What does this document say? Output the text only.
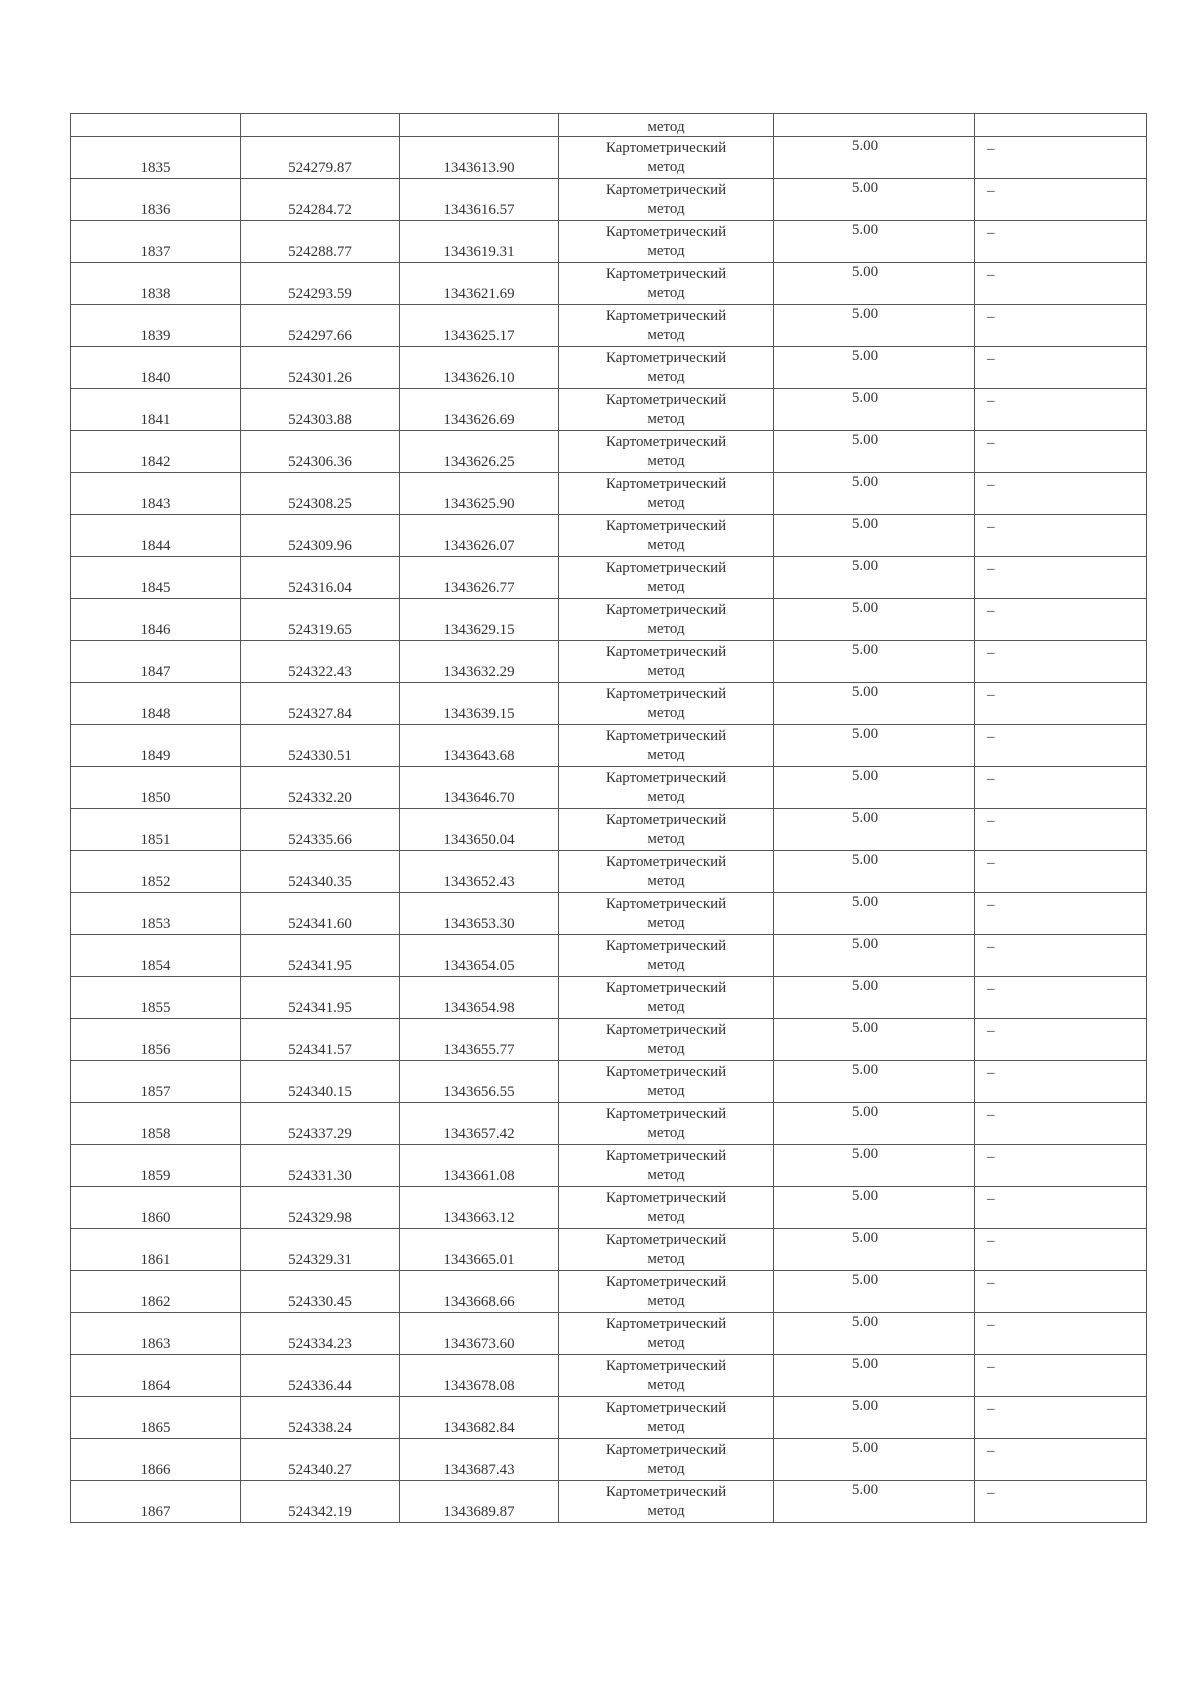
			метод		

1835	524279.87	1343613.90	Картометрический
метод	5.00	–

1836	524284.72	1343616.57	Картометрический
метод	5.00	–

1837	524288.77	1343619.31	Картометрический
метод	5.00	–

1838	524293.59	1343621.69	Картометрический
метод	5.00	–

1839	524297.66	1343625.17	Картометрический
метод	5.00	–

1840	524301.26	1343626.10	Картометрический
метод	5.00	–

1841	524303.88	1343626.69	Картометрический
метод	5.00	–

1842	524306.36	1343626.25	Картометрический
метод	5.00	–

1843	524308.25	1343625.90	Картометрический
метод	5.00	–

1844	524309.96	1343626.07	Картометрический
метод	5.00	–

1845	524316.04	1343626.77	Картометрический
метод	5.00	–

1846	524319.65	1343629.15	Картометрический
метод	5.00	–

1847	524322.43	1343632.29	Картометрический
метод	5.00	–

1848	524327.84	1343639.15	Картометрический
метод	5.00	–

1849	524330.51	1343643.68	Картометрический
метод	5.00	–

1850	524332.20	1343646.70	Картометрический
метод	5.00	–

1851	524335.66	1343650.04	Картометрический
метод	5.00	–

1852	524340.35	1343652.43	Картометрический
метод	5.00	–

1853	524341.60	1343653.30	Картометрический
метод	5.00	–

1854	524341.95	1343654.05	Картометрический
метод	5.00	–

1855	524341.95	1343654.98	Картометрический
метод	5.00	–

1856	524341.57	1343655.77	Картометрический
метод	5.00	–

1857	524340.15	1343656.55	Картометрический
метод	5.00	–

1858	524337.29	1343657.42	Картометрический
метод	5.00	–

1859	524331.30	1343661.08	Картометрический
метод	5.00	–

1860	524329.98	1343663.12	Картометрический
метод	5.00	–

1861	524329.31	1343665.01	Картометрический
метод	5.00	–

1862	524330.45	1343668.66	Картометрический
метод	5.00	–

1863	524334.23	1343673.60	Картометрический
метод	5.00	–

1864	524336.44	1343678.08	Картометрический
метод	5.00	–

1865	524338.24	1343682.84	Картометрический
метод	5.00	–

1866	524340.27	1343687.43	Картометрический
метод	5.00	–

1867	524342.19	1343689.87	Картометрический
метод	5.00	–
